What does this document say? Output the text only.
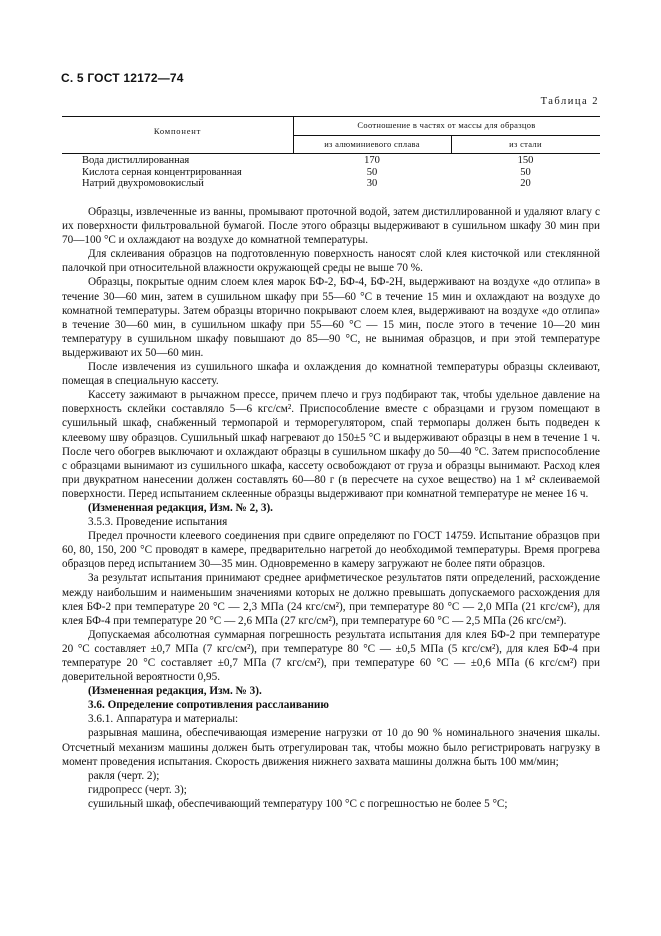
С. 5 ГОСТ 12172—74
Таблица 2
Компонент
Соотношение в частях от массы для образцов
из алюминиевого сплава	из стали
Вода дистиллированная	170	150
Кислота серная концентрированная	50	50
Натрий двухромовокислый	30	20

Образцы, извлеченные из ванны, промывают проточной водой, затем дистиллированной и удаляют влагу с их поверхности фильтровальной бумагой. После этого образцы выдерживают в сушильном шкафу 30 мин при 70—100 °С и охлаждают на воздухе до комнатной температуры.

Для склеивания образцов на подготовленную поверхность наносят слой клея кисточкой или стеклянной палочкой при относительной влажности окружающей среды не выше 70 %.

Образцы, покрытые одним слоем клея марок БФ-2, БФ-4, БФ-2Н, выдерживают на воздухе «до отлипа» в течение 30—60 мин, затем в сушильном шкафу при 55—60 °С в течение 15 мин и охлаждают на воздухе до комнатной температуры. Затем образцы вторично покрывают слоем клея, выдерживают на воздухе «до отлипа» в течение 30—60 мин, в сушильном шкафу при 55—60 °С — 15 мин, после этого в течение 10—20 мин температуру в сушильном шкафу повышают до 85—90 °С, не вынимая образцов, и при этой температуре выдерживают их 50—60 мин.

После извлечения из сушильного шкафа и охлаждения до комнатной температуры образцы склеивают, помещая в специальную кассету.

Кассету зажимают в рычажном прессе, причем плечо и груз подбирают так, чтобы удельное давление на поверхность склейки составляло 5—6 кгс/см². Приспособление вместе с образцами и грузом помещают в сушильный шкаф, снабженный термопарой и терморегулятором, спай термопары должен быть подведен к клеевому шву образцов. Сушильный шкаф нагревают до 150±5 °С и выдерживают образцы в нем в течение 1 ч. После чего обогрев выключают и охлаждают образцы в сушильном шкафу до 50—40 °С. Затем приспособление с образцами вынимают из сушильного шкафа, кассету освобождают от груза и образцы вынимают. Расход клея при двукратном нанесении должен составлять 60—80 г (в пересчете на сухое вещество) на 1 м² склеиваемой поверхности. Перед испытанием склеенные образцы выдерживают при комнатной температуре не менее 16 ч.

(Измененная редакция, Изм. № 2, 3).

3.5.3. Проведение испытания

Предел прочности клеевого соединения при сдвиге определяют по ГОСТ 14759. Испытание образцов при 60, 80, 150, 200 °С проводят в камере, предварительно нагретой до необходимой температуры. Время прогрева образцов перед испытанием 30—35 мин. Одновременно в камеру загружают не более пяти образцов.

За результат испытания принимают среднее арифметическое результатов пяти определений, расхождение между наибольшим и наименьшим значениями которых не должно превышать допускаемого расхождения для клея БФ-2 при температуре 20 °С — 2,3 МПа (24 кгс/см²), при температуре 80 °С — 2,0 МПа (21 кгс/см²), для клея БФ-4 при температуре 20 °С — 2,6 МПа (27 кгс/см²), при температуре 60 °С — 2,5 МПа (26 кгс/см²).

Допускаемая абсолютная суммарная погрешность результата испытания для клея БФ-2 при температуре 20 °С составляет ±0,7 МПа (7 кгс/см²), при температуре 80 °С — ±0,5 МПа (5 кгс/см²), для клея БФ-4 при температуре 20 °С составляет ±0,7 МПа (7 кгс/см²), при температуре 60 °С — ±0,6 МПа (6 кгс/см²) при доверительной вероятности 0,95.

(Измененная редакция, Изм. № 3).

3.6. Определение сопротивления расслаиванию

3.6.1. Аппаратура и материалы:

разрывная машина, обеспечивающая измерение нагрузки от 10 до 90 % номинального значения шкалы. Отсчетный механизм машины должен быть отрегулирован так, чтобы можно было регистрировать нагрузку в момент проведения испытания. Скорость движения нижнего захвата машины должна быть 100 мм/мин;

ракля (черт. 2);

гидропресс (черт. 3);

сушильный шкаф, обеспечивающий температуру 100 °С с погрешностью не более 5 °С;
